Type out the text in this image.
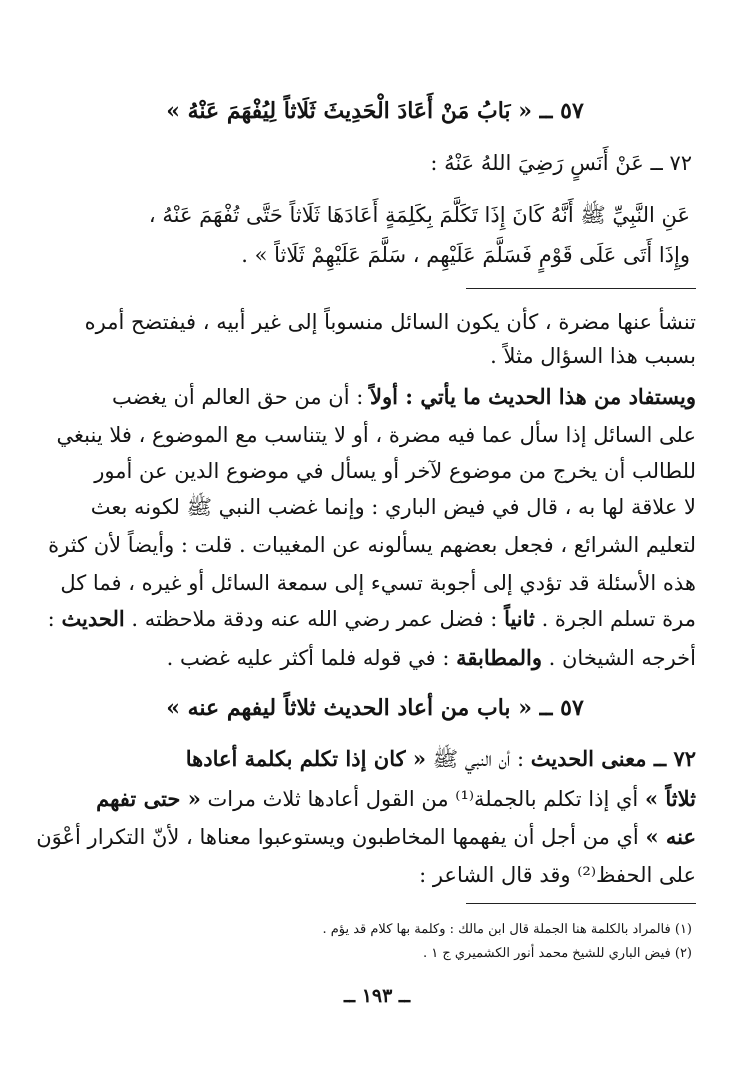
٥٧ ــ « بَابُ مَنْ أَعَادَ الْحَدِيثَ ثَلَاثاً لِيُفْهَمَ عَنْهُ »
٧٢ ــ عَنْ أَنَسٍ رَضِيَ اللهُ عَنْهُ :
عَنِ النَّبِيِّ ﷺ أَنَّهُ كَانَ إِذَا تَكَلَّمَ بِكَلِمَةٍ أَعَادَهَا ثَلَاثاً حَتَّى تُفْهَمَ عَنْهُ ،
وإِذَا أَتَى عَلَى قَوْمٍ فَسَلَّمَ عَلَيْهِم ، سَلَّمَ عَلَيْهِمْ ثَلَاثاً » .
تنشأ عنها مضرة ، كأن يكون السائل منسوباً إلى غير أبيه ، فيفتضح أمره
بسبب هذا السؤال مثلاً .
ويستفاد من هذا الحديث ما يأتي : أولاً : أن من حق العالم أن يغضب
على السائل إذا سأل عما فيه مضرة ، أو لا يتناسب مع الموضوع ، فلا ينبغي
للطالب أن يخرج من موضوع لآخر أو يسأل في موضوع الدين عن أمور
لا علاقة لها به ، قال في فيض الباري : وإنما غضب النبي ﷺ لكونه بعث
لتعليم الشرائع ، فجعل بعضهم يسألونه عن المغيبات . قلت : وأيضاً لأن كثرة
هذه الأسئلة قد تؤدي إلى أجوبة تسيء إلى سمعة السائل أو غيره ، فما كل
مرة تسلم الجرة . ثانياً : فضل عمر رضي الله عنه ودقة ملاحظته . الحديث :
أخرجه الشيخان . والمطابقة : في قوله فلما أكثر عليه غضب .
٥٧ ــ « باب من أعاد الحديث ثلاثاً ليفهم عنه »
٧٢ ــ معنى الحديث : أن النبي ﷺ « كان إذا تكلم بكلمة أعادها
ثلاثاً » أي إذا تكلم بالجملة⁽¹⁾ من القول أعادها ثلاث مرات « حتى تفهم
عنه » أي من أجل أن يفهمها المخاطبون ويستوعبوا معناها ، لأنّ التكرار أعْوَن
على الحفظ⁽²⁾ وقد قال الشاعر :
(١) فالمراد بالكلمة هنا الجملة قال ابن مالك : وكلمة بها كلام قد يؤم .
(٢) فيض الباري للشيخ محمد أنور الكشميري ج ١ .
ــ ١٩٣ ــ
